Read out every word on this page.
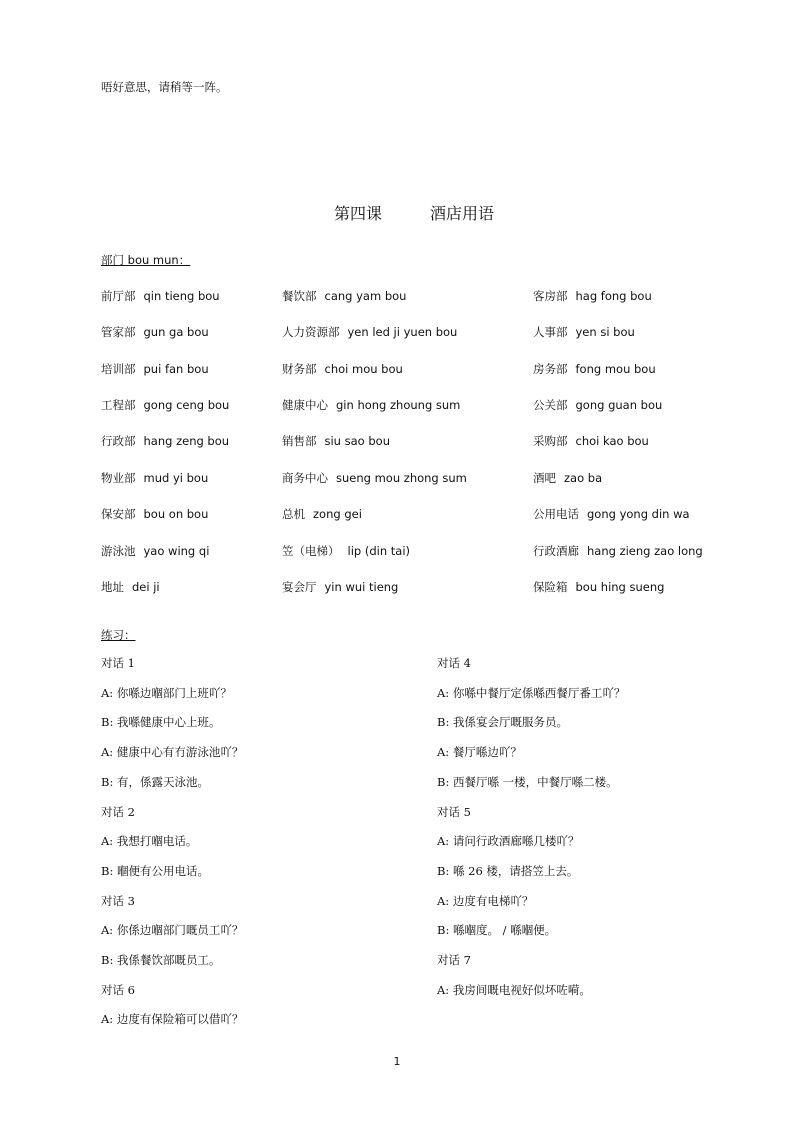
唔好意思，请稍等一阵。
第四课	酒店用语
部门 bou mun：
前厅部 qin tieng bou	餐饮部 cang yam bou	客房部 hag fong bou
管家部 gun ga bou	人力资源部 yen led ji yuen bou	人事部 yen si bou
培训部 pui fan bou	财务部 choi mou bou	房务部 fong mou bou
工程部 gong ceng bou	健康中心 gin hong zhoung sum	公关部 gong guan bou
行政部 hang zeng bou	销售部 siu sao bou	采购部 choi kao bou
物业部 mud yi bou	商务中心 sueng mou zhong sum	酒吧 zao ba
保安部 bou on bou	总机 zong gei	公用电话 gong yong din wa
游泳池 yao wing qi	笠（电梯） lip (din tai)	行政酒廊 hang zieng zao long
地址 dei ji	宴会厅 yin wui tieng	保险箱 bou hing sueng
练习：
对话 1
A: 你喺边嗰部门上班吖？
B: 我喺健康中心上班。
A: 健康中心有冇游泳池吖？
B: 有，係露天泳池。
对话 2
A: 我想打嗰电话。
B: 嗰便有公用电话。
对话 3
A: 你係边嗰部门嘅员工吖？
B: 我係餐饮部嘅员工。
对话 6
A: 边度有保险箱可以借吖？
对话 4
A: 你喺中餐厅定係喺西餐厅番工吖？
B: 我係宴会厅嘅服务员。
A: 餐厅喺边吖？
B: 西餐厅喺 一楼，中餐厅喺二楼。
对话 5
A: 请问行政酒廊喺几楼吖？
B: 喺 26 楼，请搭笠上去。
A: 边度有电梯吖？
B: 喺嗰度。 / 喺嗰便。
对话 7
A: 我房间嘅电视好似坏咗嗬。
1
